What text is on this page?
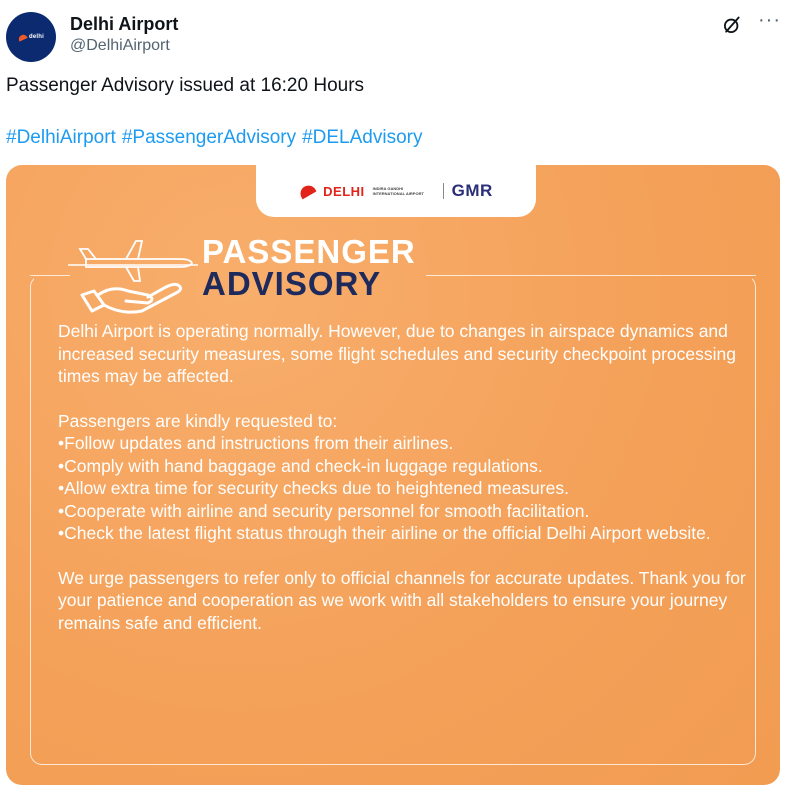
delhi
Delhi Airport
@DelhiAirport
···
Passenger Advisory issued at 16:20 Hours
#DelhiAirport #PassengerAdvisory #DELAdvisory
DELHI INDIRA GANDHI INTERNATIONAL AIRPORT	GMR
PASSENGER
ADVISORY

Delhi Airport is operating normally. However, due to changes in airspace dynamics and increased security measures, some flight schedules and security checkpoint processing times may be affected.

Passengers are kindly requested to:

•Follow updates and instructions from their airlines.
•Comply with hand baggage and check-in luggage regulations.
•Allow extra time for security checks due to heightened measures.
•Cooperate with airline and security personnel for smooth facilitation.
•Check the latest flight status through their airline or the official Delhi Airport website.

We urge passengers to refer only to official channels for accurate updates. Thank you for your patience and cooperation as we work with all stakeholders to ensure your journey remains safe and efficient.
